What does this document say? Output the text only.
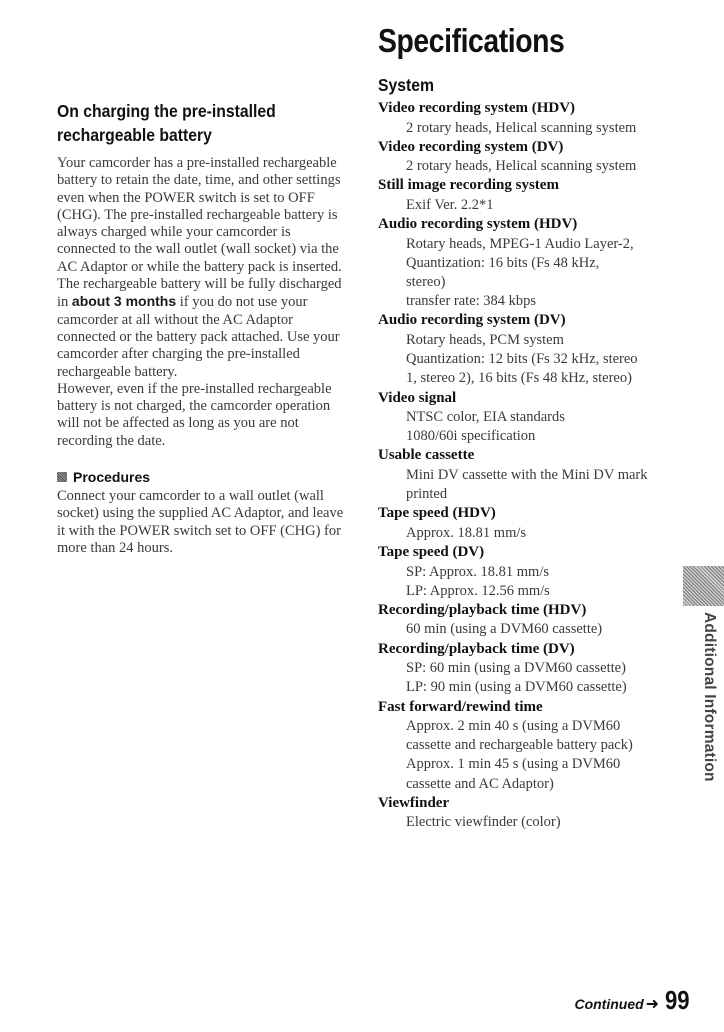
Specifications
On charging the pre-installed
rechargeable battery
Your camcorder has a pre-installed rechargeable battery to retain the date, time, and other settings even when the POWER switch is set to OFF (CHG). The pre-installed rechargeable battery is always charged while your camcorder is connected to the wall outlet (wall socket) via the AC Adaptor or while the battery pack is inserted. The rechargeable battery will be fully discharged in about 3 months if you do not use your camcorder at all without the AC Adaptor connected or the battery pack attached. Use your camcorder after charging the pre-installed rechargeable battery.
However, even if the pre-installed rechargeable battery is not charged, the camcorder operation will not be affected as long as you are not recording the date.
Procedures
Connect your camcorder to a wall outlet (wall socket) using the supplied AC Adaptor, and leave it with the POWER switch set to OFF (CHG) for more than 24 hours.
System
Video recording system (HDV)
2 rotary heads, Helical scanning system
Video recording system (DV)
2 rotary heads, Helical scanning system
Still image recording system
Exif Ver. 2.2*1
Audio recording system (HDV)
Rotary heads, MPEG-1 Audio Layer-2,
Quantization: 16 bits (Fs 48 kHz,
stereo)
transfer rate: 384 kbps
Audio recording system (DV)
Rotary heads, PCM system
Quantization: 12 bits (Fs 32 kHz, stereo
1, stereo 2), 16 bits (Fs 48 kHz, stereo)
Video signal
NTSC color, EIA standards
1080/60i specification
Usable cassette
Mini DV cassette with the Mini DV mark
printed
Tape speed (HDV)
Approx. 18.81 mm/s
Tape speed (DV)
SP: Approx. 18.81 mm/s
LP: Approx. 12.56 mm/s
Recording/playback time (HDV)
60 min (using a DVM60 cassette)
Recording/playback time (DV)
SP: 60 min (using a DVM60 cassette)
LP: 90 min (using a DVM60 cassette)
Fast forward/rewind time
Approx. 2 min 40 s (using a DVM60
cassette and rechargeable battery pack)
Approx. 1 min 45 s (using a DVM60
cassette and AC Adaptor)
Viewfinder
Electric viewfinder (color)
Additional Information
Continued ➜ 99
